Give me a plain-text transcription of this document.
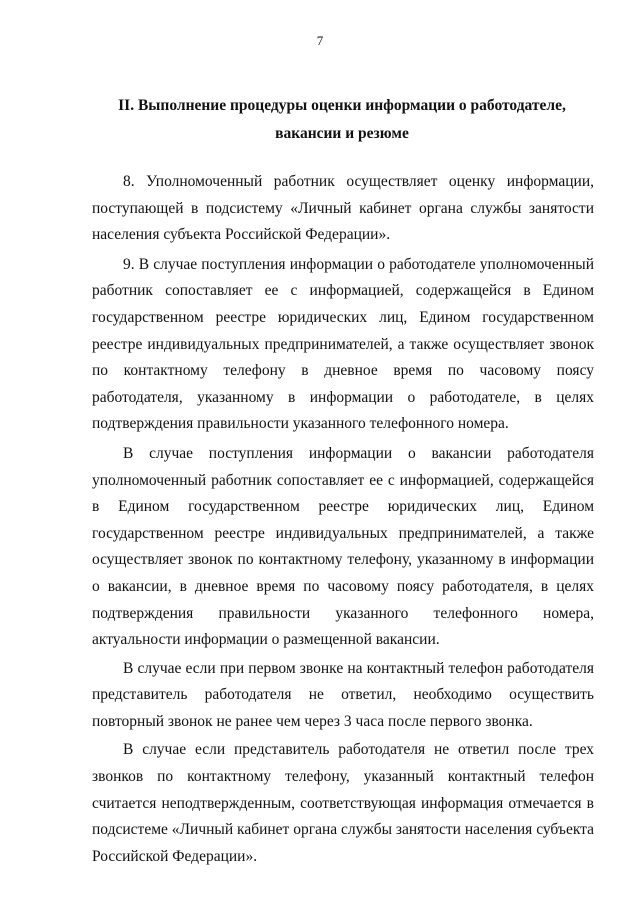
7
II. Выполнение процедуры оценки информации о работодателе,
вакансии и резюме

8. Уполномоченный работник осуществляет оценку информации, поступающей в подсистему «Личный кабинет органа службы занятости населения субъекта Российской Федерации».

9. В случае поступления информации о работодателе уполномоченный работник сопоставляет ее с информацией, содержащейся в Едином государственном реестре юридических лиц, Едином государственном реестре индивидуальных предпринимателей, а также осуществляет звонок по контактному телефону в дневное время по часовому поясу работодателя, указанному в информации о работодателе, в целях подтверждения правильности указанного телефонного номера.

В случае поступления информации о вакансии работодателя уполномоченный работник сопоставляет ее с информацией, содержащейся в Едином государственном реестре юридических лиц, Едином государственном реестре индивидуальных предпринимателей, а также осуществляет звонок по контактному телефону, указанному в информации о вакансии, в дневное время по часовому поясу работодателя, в целях подтверждения правильности указанного телефонного номера, актуальности информации о размещенной вакансии.

В случае если при первом звонке на контактный телефон работодателя представитель работодателя не ответил, необходимо осуществить повторный звонок не ранее чем через 3 часа после первого звонка.

В случае если представитель работодателя не ответил после трех звонков по контактному телефону, указанный контактный телефон считается неподтвержденным, соответствующая информация отмечается в подсистеме «Личный кабинет органа службы занятости населения субъекта Российской Федерации».
